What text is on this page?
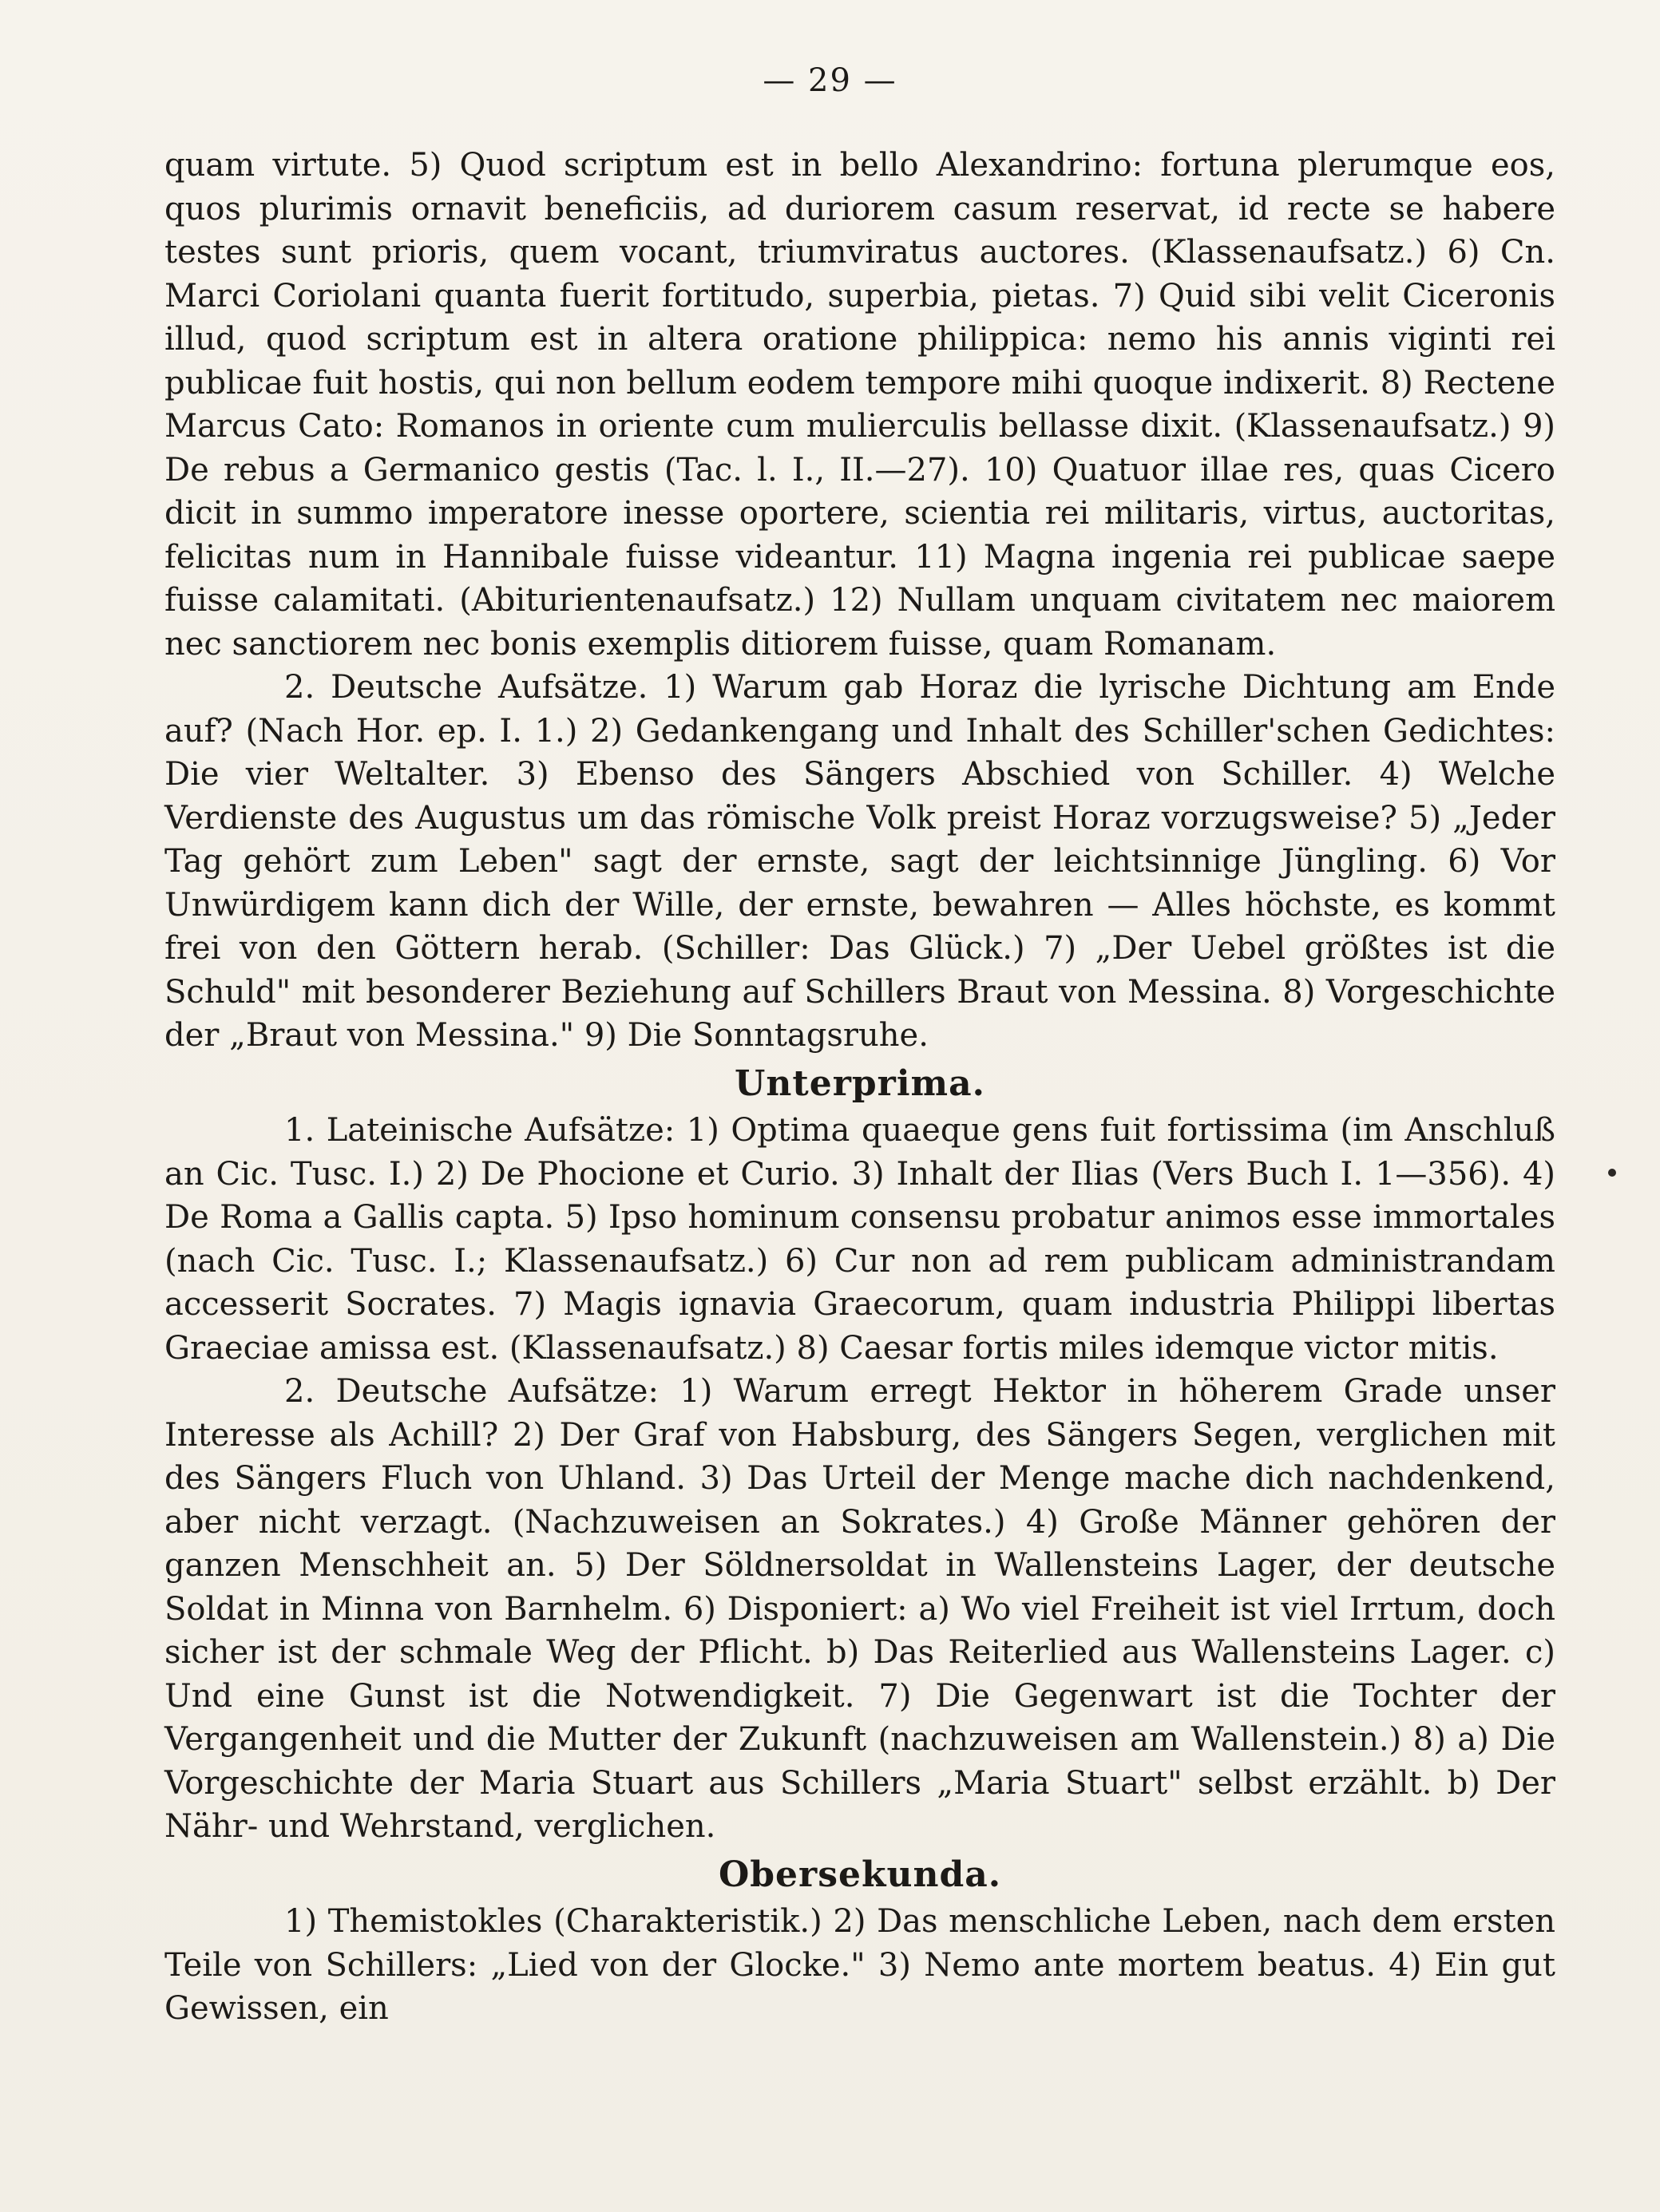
— 29 —

quam virtute. 5) Quod scriptum est in bello Alexandrino: fortuna plerumque eos, quos plurimis ornavit beneficiis, ad duriorem casum reservat, id recte se habere testes sunt prioris, quem vocant, triumviratus auctores. (Klassenaufsatz.) 6) Cn. Marci Coriolani quanta fuerit fortitudo, superbia, pietas. 7) Quid sibi velit Ciceronis illud, quod scriptum est in altera oratione philippica: nemo his annis viginti rei publicae fuit hostis, qui non bellum eodem tempore mihi quoque indixerit. 8) Rectene Marcus Cato: Romanos in oriente cum mulierculis bellasse dixit. (Klassenaufsatz.) 9) De rebus a Germanico gestis (Tac. l. I., II.—27). 10) Quatuor illae res, quas Cicero dicit in summo imperatore inesse oportere, scientia rei militaris, virtus, auctoritas, felicitas num in Hannibale fuisse videantur. 11) Magna ingenia rei publicae saepe fuisse calamitati. (Abiturientenaufsatz.) 12) Nullam unquam civitatem nec maiorem nec sanctiorem nec bonis exemplis ditiorem fuisse, quam Romanam.

2. Deutsche Aufsätze. 1) Warum gab Horaz die lyrische Dichtung am Ende auf? (Nach Hor. ep. I. 1.) 2) Gedankengang und Inhalt des Schiller'schen Gedichtes: Die vier Weltalter. 3) Ebenso des Sängers Abschied von Schiller. 4) Welche Verdienste des Augustus um das römische Volk preist Horaz vorzugsweise? 5) „Jeder Tag gehört zum Leben" sagt der ernste, sagt der leichtsinnige Jüngling. 6) Vor Unwürdigem kann dich der Wille, der ernste, bewahren — Alles höchste, es kommt frei von den Göttern herab. (Schiller: Das Glück.) 7) „Der Uebel größtes ist die Schuld" mit besonderer Beziehung auf Schillers Braut von Messina. 8) Vorgeschichte der „Braut von Messina." 9) Die Sonntagsruhe.

Unterprima.

1. Lateinische Aufsätze: 1) Optima quaeque gens fuit fortissima (im Anschluß an Cic. Tusc. I.) 2) De Phocione et Curio. 3) Inhalt der Ilias (Vers Buch I. 1—356). 4) De Roma a Gallis capta. 5) Ipso hominum consensu probatur animos esse immortales (nach Cic. Tusc. I.; Klassenaufsatz.) 6) Cur non ad rem publicam administrandam accesserit Socrates. 7) Magis ignavia Graecorum, quam industria Philippi libertas Graeciae amissa est. (Klassenaufsatz.) 8) Caesar fortis miles idemque victor mitis.

2. Deutsche Aufsätze: 1) Warum erregt Hektor in höherem Grade unser Interesse als Achill? 2) Der Graf von Habsburg, des Sängers Segen, verglichen mit des Sängers Fluch von Uhland. 3) Das Urteil der Menge mache dich nachdenkend, aber nicht verzagt. (Nachzuweisen an Sokrates.) 4) Große Männer gehören der ganzen Menschheit an. 5) Der Söldnersoldat in Wallensteins Lager, der deutsche Soldat in Minna von Barnhelm. 6) Disponiert: a) Wo viel Freiheit ist viel Irrtum, doch sicher ist der schmale Weg der Pflicht. b) Das Reiterlied aus Wallensteins Lager. c) Und eine Gunst ist die Notwendigkeit. 7) Die Gegenwart ist die Tochter der Vergangenheit und die Mutter der Zukunft (nachzuweisen am Wallenstein.) 8) a) Die Vorgeschichte der Maria Stuart aus Schillers „Maria Stuart" selbst erzählt. b) Der Nähr- und Wehrstand, verglichen.

Obersekunda.

1) Themistokles (Charakteristik.) 2) Das menschliche Leben, nach dem ersten Teile von Schillers: „Lied von der Glocke." 3) Nemo ante mortem beatus. 4) Ein gut Gewissen, ein
